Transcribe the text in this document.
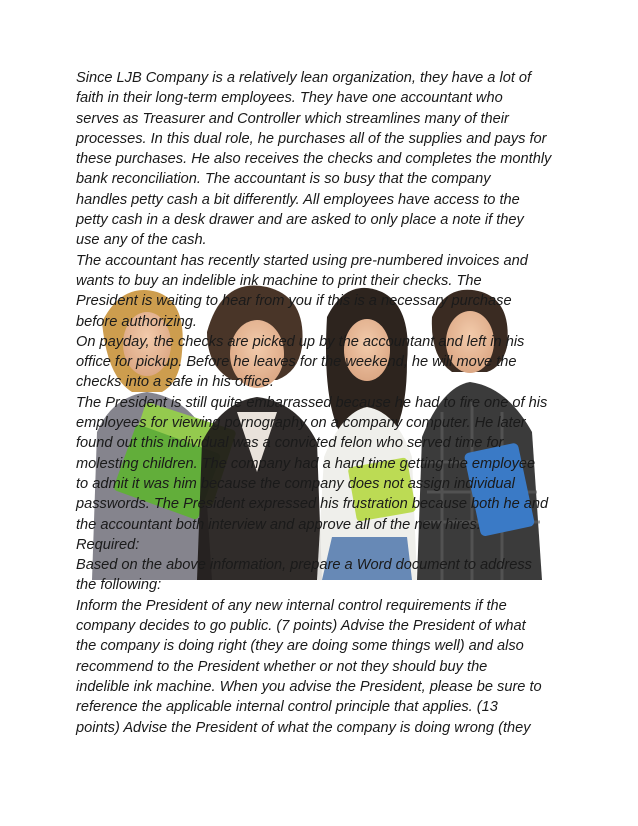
Since LJB Company is a relatively lean organization, they have a lot of
faith in their long-term employees. They have one accountant who
serves as Treasurer and Controller which streamlines many of their
processes. In this dual role, he purchases all of the supplies and pays for
these purchases. He also receives the checks and completes the monthly
bank reconciliation. The accountant is so busy that the company
handles petty cash a bit differently. All employees have access to the
petty cash in a desk drawer and are asked to only place a note if they
use any of the cash.
The accountant has recently started using pre-numbered invoices and
wants to buy an indelible ink machine to print their checks. The
President is waiting to hear from you if this is a necessary purchase
before authorizing.
On payday, the checks are picked up by the accountant and left in his
office for pickup. Before he leaves for the weekend, he will move the
checks into a safe in his office.
The President is still quite embarrassed because he had to fire one of his
employees for viewing pornography on a company computer. He later
found out this individual was a convicted felon who served time for
molesting children. The company had a hard time getting the employee
to admit it was him because the company does not assign individual
passwords. The President expressed his frustration because both he and
the accountant both interview and approve all of the new hires.
Required:
Based on the above information, prepare a Word document to address
the following:
Inform the President of any new internal control requirements if the
company decides to go public. (7 points) Advise the President of what
the company is doing right (they are doing some things well) and also
recommend to the President whether or not they should buy the
indelible ink machine. When you advise the President, please be sure to
reference the applicable internal control principle that applies. (13
points) Advise the President of what the company is doing wrong (they
